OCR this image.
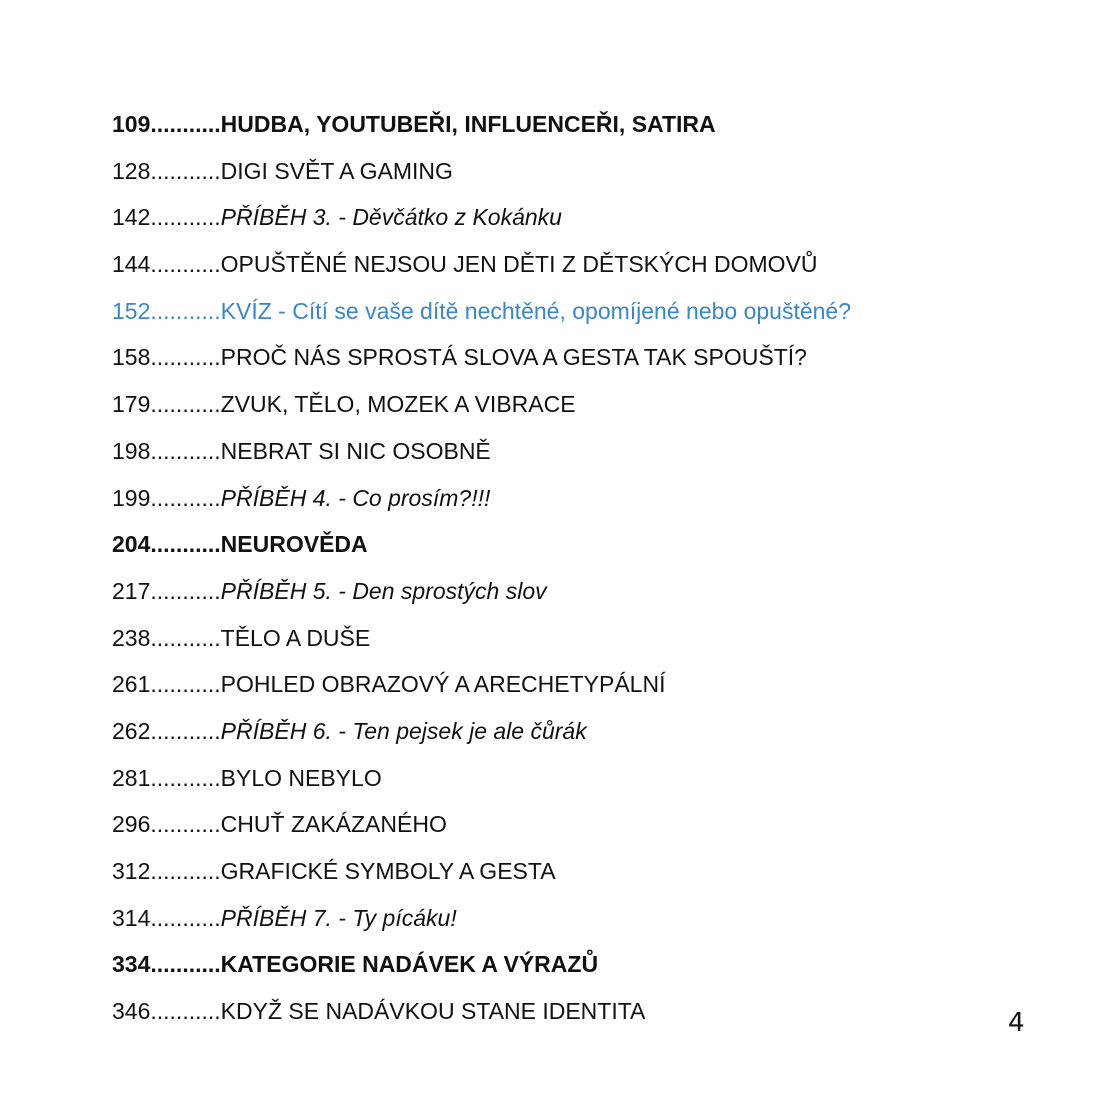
109...........HUDBA, YOUTUBEŘI, INFLUENCEŘI, SATIRA
128...........DIGI SVĚT A GAMING
142...........PŘÍBĚH 3. - Děvčátko z Kokánku
144...........OPUŠTĚNÉ NEJSOU JEN DĚTI Z DĚTSKÝCH DOMOVŮ
152...........KVÍZ - Cítí se vaše dítě nechtěné, opomíjené nebo opuštěné?
158...........PROČ NÁS SPROSTÁ SLOVA A GESTA TAK SPOUŠTÍ?
179...........ZVUK, TĚLO, MOZEK A VIBRACE
198...........NEBRAT SI NIC OSOBNĚ
199...........PŘÍBĚH 4. - Co prosím?!!!
204...........NEUROVĚDA
217...........PŘÍBĚH 5. - Den sprostých slov
238...........TĚLO A DUŠE
261...........POHLED OBRAZOVÝ A ARECHETYPÁLNÍ
262...........PŘÍBĚH 6. - Ten pejsek je ale čůrák
281...........BYLO NEBYLO
296...........CHUŤ ZAKÁZANÉHO
312...........GRAFICKÉ SYMBOLY A GESTA
314...........PŘÍBĚH 7. - Ty pícáku!
334...........KATEGORIE NADÁVEK A VÝRAZŮ
346...........KDYŽ SE NADÁVKOU STANE IDENTITA	4
